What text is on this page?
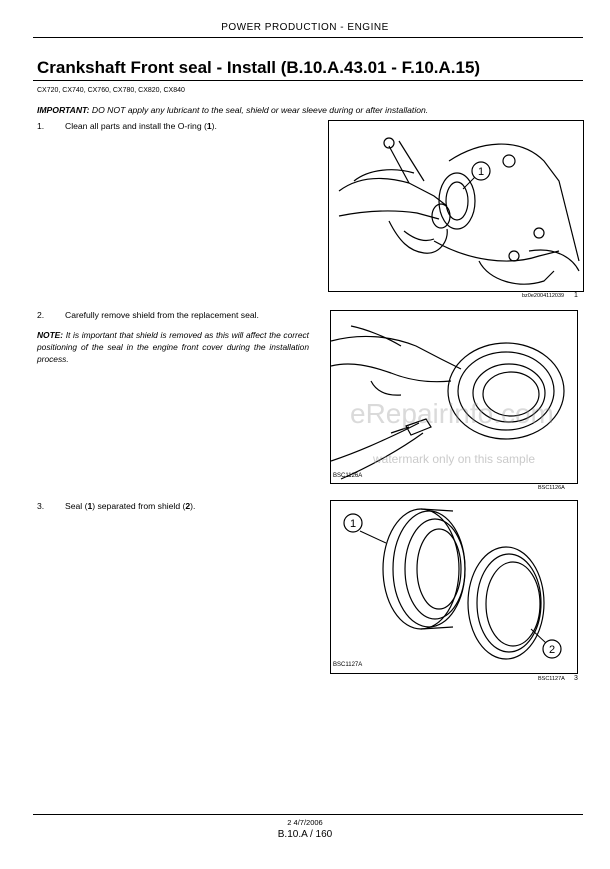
POWER PRODUCTION - ENGINE
Crankshaft Front seal - Install (B.10.A.43.01 - F.10.A.15)
CX720, CX740, CX760, CX780, CX820, CX840
IMPORTANT: DO NOT apply any lubricant to the seal, shield or wear sleeve during or after installation.
1. Clean all parts and install the O-ring (1).
2. Carefully remove shield from the replacement seal.
NOTE: It is important that shield is removed as this will affect the correct positioning of the seal in the engine front cover during the installation process.
3. Seal (1) separated from shield (2).
1
bz0e2004112039 1
BSC1126A
BSC1126A
1
2
BSC1127A
BSC1127A 3
eRepairinfo.com
watermark only on this sample
2 4/7/2006
B.10.A / 160
